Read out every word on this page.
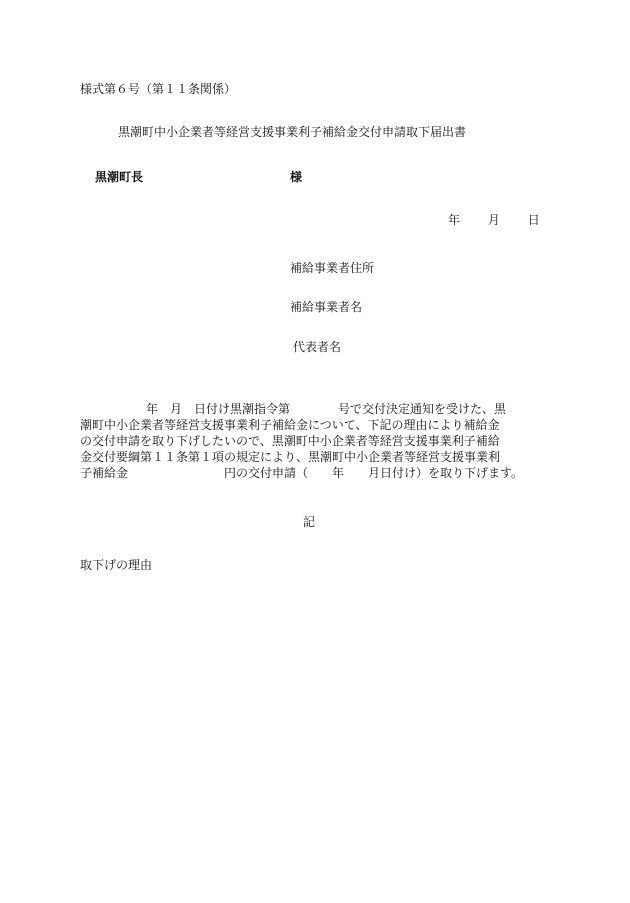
様式第６号（第１１条関係）
黒潮町中小企業者等経営支援事業利子補給金交付申請取下届出書
黒潮町長	様
年 月 日
補給事業者住所
補給事業者名
代表者名
年　月　日付け黒潮指令第　　　　号で交付決定通知を受けた、黒
潮町中小企業者等経営支援事業利子補給金について、下記の理由により補給金
の交付申請を取り下げしたいので、黒潮町中小企業者等経営支援事業利子補給
金交付要綱第１１条第１項の規定により、黒潮町中小企業者等経営支援事業利
子補給金　　　　　　　　円の交付申請（　　年　　月日付け）を取り下げます。
記
取下げの理由
